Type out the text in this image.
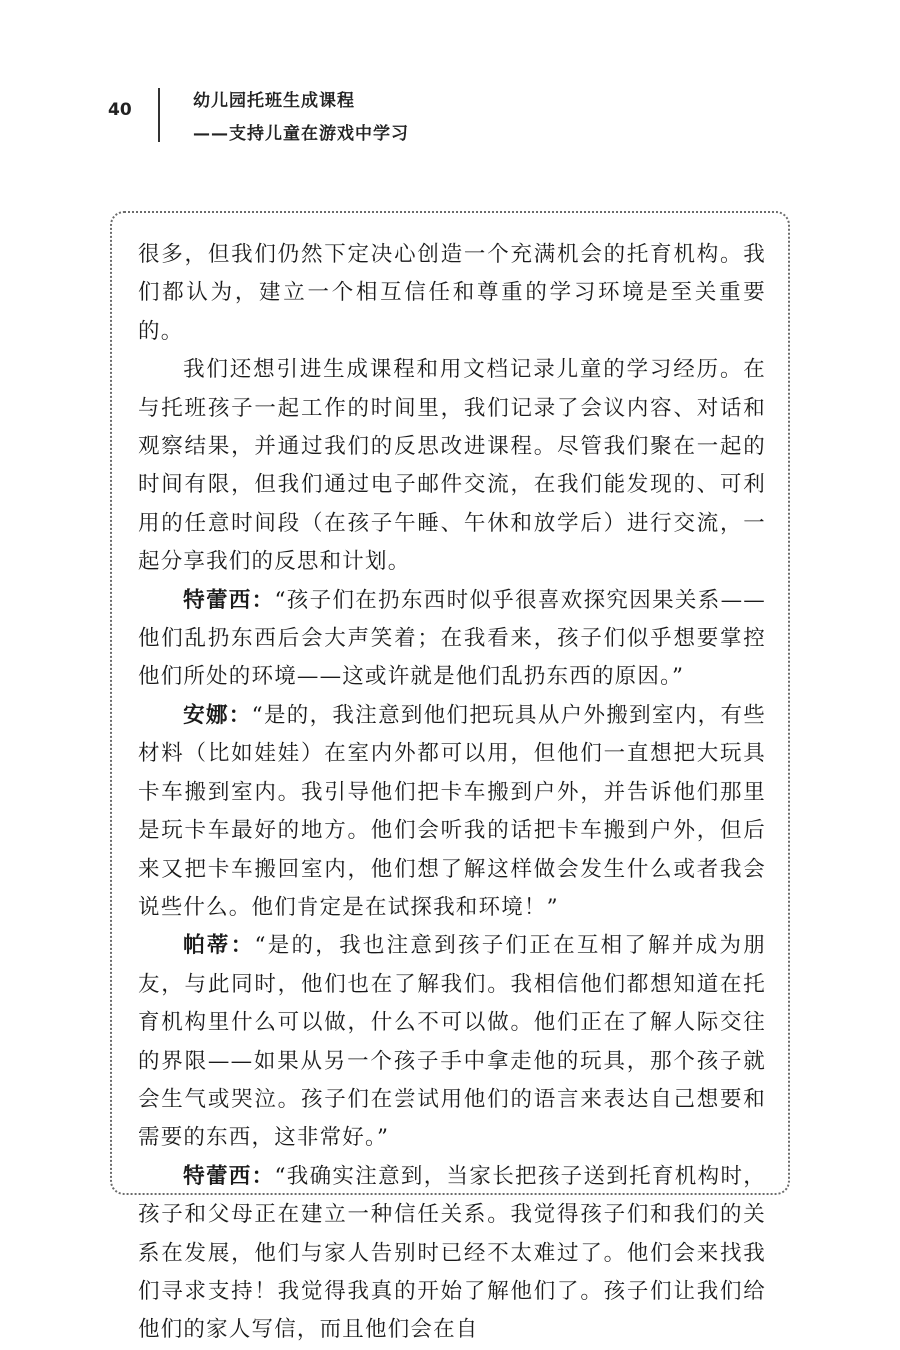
40	幼儿园托班生成课程
——支持儿童在游戏中学习

很多，但我们仍然下定决心创造一个充满机会的托育机构。我们都认为，建立一个相互信任和尊重的学习环境是至关重要的。

我们还想引进生成课程和用文档记录儿童的学习经历。在与托班孩子一起工作的时间里，我们记录了会议内容、对话和观察结果，并通过我们的反思改进课程。尽管我们聚在一起的时间有限，但我们通过电子邮件交流，在我们能发现的、可利用的任意时间段（在孩子午睡、午休和放学后）进行交流，一起分享我们的反思和计划。

特蕾西：“孩子们在扔东西时似乎很喜欢探究因果关系——他们乱扔东西后会大声笑着；在我看来，孩子们似乎想要掌控他们所处的环境——这或许就是他们乱扔东西的原因。”

安娜：“是的，我注意到他们把玩具从户外搬到室内，有些材料（比如娃娃）在室内外都可以用，但他们一直想把大玩具卡车搬到室内。我引导他们把卡车搬到户外，并告诉他们那里是玩卡车最好的地方。他们会听我的话把卡车搬到户外，但后来又把卡车搬回室内，他们想了解这样做会发生什么或者我会说些什么。他们肯定是在试探我和环境！”

帕蒂：“是的，我也注意到孩子们正在互相了解并成为朋友，与此同时，他们也在了解我们。我相信他们都想知道在托育机构里什么可以做，什么不可以做。他们正在了解人际交往的界限——如果从另一个孩子手中拿走他的玩具，那个孩子就会生气或哭泣。孩子们在尝试用他们的语言来表达自己想要和需要的东西，这非常好。”

特蕾西：“我确实注意到，当家长把孩子送到托育机构时，孩子和父母正在建立一种信任关系。我觉得孩子们和我们的关系在发展，他们与家人告别时已经不太难过了。他们会来找我们寻求支持！我觉得我真的开始了解他们了。孩子们让我们给他们的家人写信，而且他们会在自
